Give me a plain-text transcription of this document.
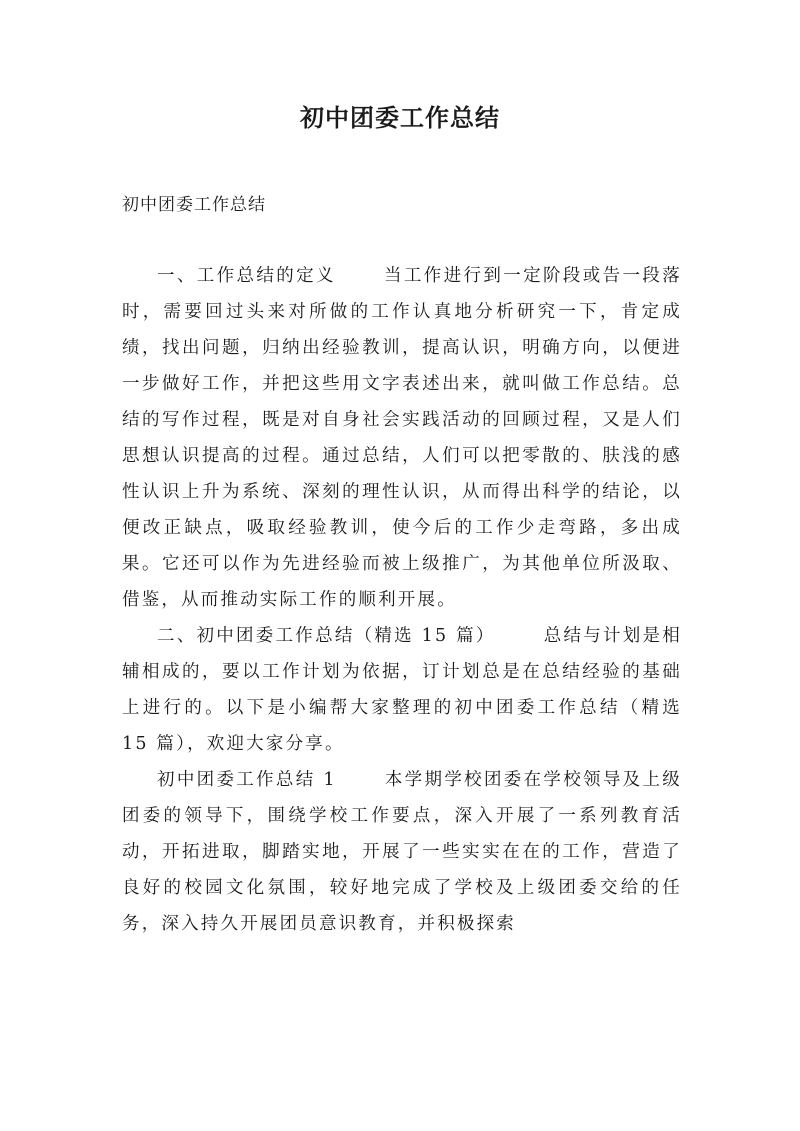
初中团委工作总结

初中团委工作总结

一、工作总结的定义	当工作进行到一定阶段或告一段落时，需要回过头来对所做的工作认真地分析研究一下，肯定成绩，找出问题，归纳出经验教训，提高认识，明确方向，以便进一步做好工作，并把这些用文字表述出来，就叫做工作总结。总结的写作过程，既是对自身社会实践活动的回顾过程，又是人们思想认识提高的过程。通过总结，人们可以把零散的、肤浅的感性认识上升为系统、深刻的理性认识，从而得出科学的结论，以便改正缺点，吸取经验教训，使今后的工作少走弯路，多出成果。它还可以作为先进经验而被上级推广，为其他单位所汲取、借鉴，从而推动实际工作的顺利开展。

二、初中团委工作总结（精选 15 篇）	总结与计划是相辅相成的，要以工作计划为依据，订计划总是在总结经验的基础上进行的。以下是小编帮大家整理的初中团委工作总结（精选 15 篇），欢迎大家分享。

初中团委工作总结 1	本学期学校团委在学校领导及上级团委的领导下，围绕学校工作要点，深入开展了一系列教育活动，开拓进取，脚踏实地，开展了一些实实在在的工作，营造了良好的校园文化氛围，较好地完成了学校及上级团委交给的任务，深入持久开展团员意识教育，并积极探索
